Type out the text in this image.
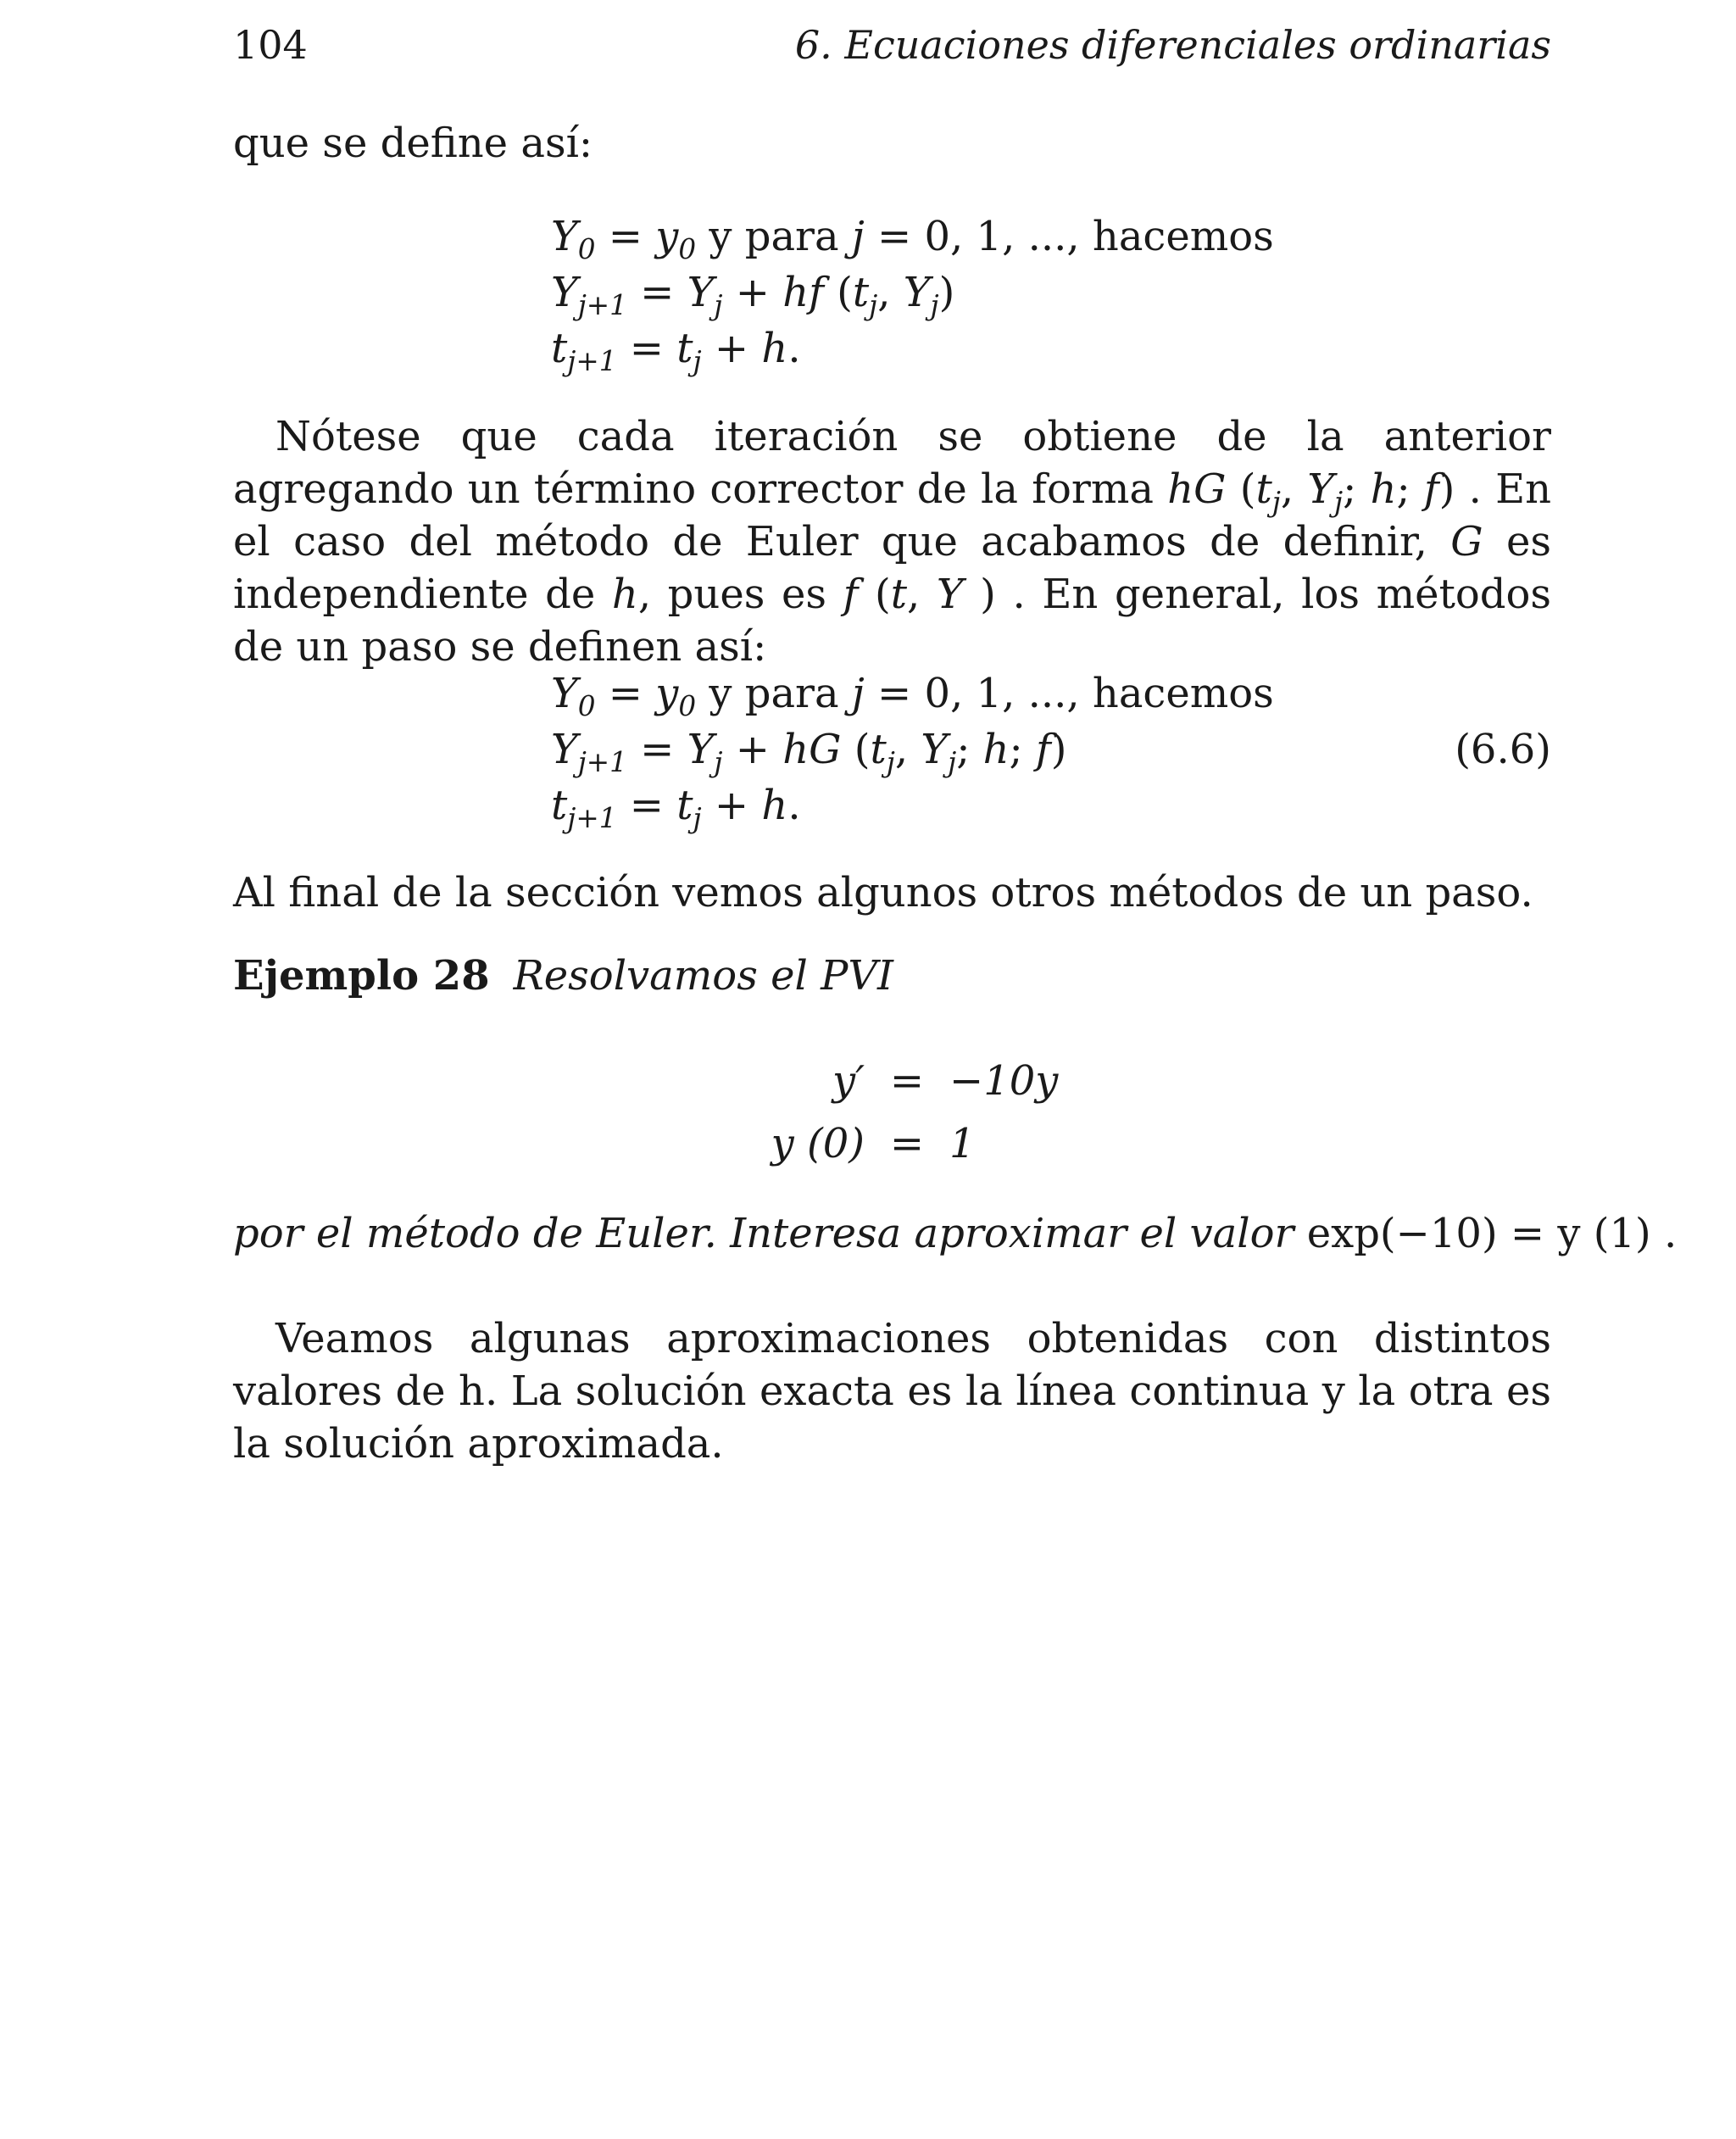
104	6. Ecuaciones diferenciales ordinarias
que se define así:
$Y_0 = y_0$ y para j = 0, 1, ..., hacemos
$Y_{j+1} = Y_j$ + hf ($t_j$, $Y_j$)
$t_{j+1} = t_j + h$.
Nótese que cada iteración se obtiene de la anterior agregando un término corrector de la forma hG ($t_j$, $Y_j$; h; f) . En el caso del método de Euler que acabamos de definir, G es independiente de h, pues es f (t, Y ) . En general, los métodos de un paso se definen así:
$Y_0 = y_0$ y para j = 0, 1, ..., hacemos
$Y_{j+1} = Y_j$ + hG ($t_j$, $Y_j$; h; f)
$t_{j+1} = t_j + h$.
(6.6)
Al final de la sección vemos algunos otros métodos de un paso.
Ejemplo 28 Resolvamos el PVI
y′ = −10y
y (0) = 1
por el método de Euler. Interesa aproximar el valor exp(−10) = y (1) .
Veamos algunas aproximaciones obtenidas con distintos valores de h. La solución exacta es la línea continua y la otra es la solución aproximada.
